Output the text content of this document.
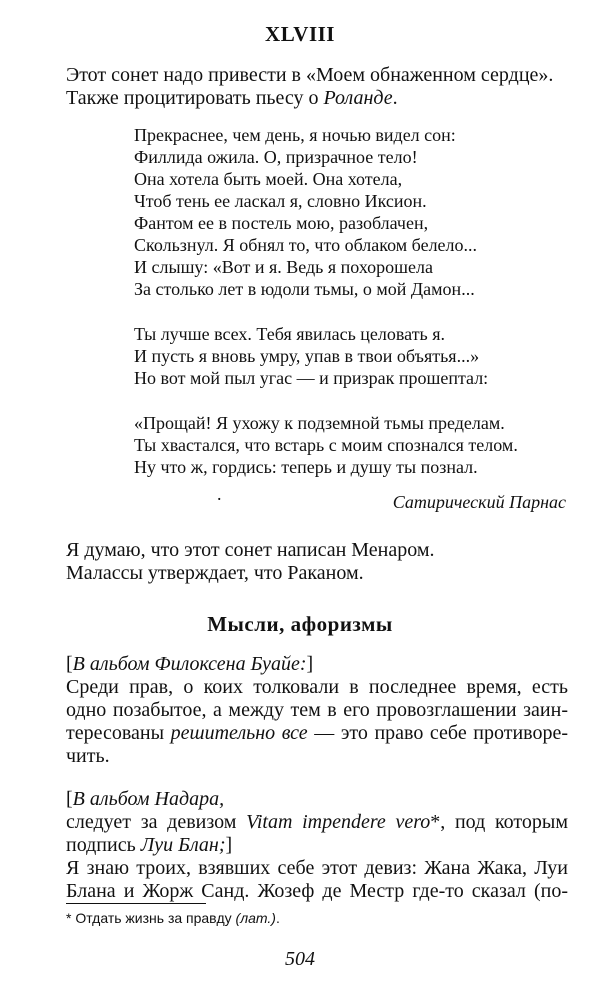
XLVIII

Этот сонет надо привести в «Моем обнаженном сердце».

Также процитировать пьесу о Роланде.

Прекраснее, чем день, я ночью видел сон:

Филлида ожила. О, призрачное тело!

Она хотела быть моей. Она хотела,

Чтоб тень ее ласкал я, словно Иксион.

Фантом ее в постель мою, разоблачен,

Скользнул. Я обнял то, что облаком белело...

И слышу: «Вот и я. Ведь я похорошела

За столько лет в юдоли тьмы, о мой Дамон...

Ты лучше всех. Тебя явилась целовать я.

И пусть я вновь умру, упав в твои объятья...»

Но вот мой пыл угас — и призрак прошептал:

«Прощай! Я ухожу к подземной тьмы пределам.

Ты хвастался, что встарь с моим спознался телом.

Ну что ж, гордись: теперь и душу ты познал.

.	Сатирический Парнас

Я думаю, что этот сонет написан Менаром.

Малассы утверждает, что Раканом.

Мысли, афоризмы

[В альбом Филоксена Буайе:]

Среди прав, о коих толковали в последнее время, есть

одно позабытое, а между тем в его провозглашении заин-

тересованы решительно все — это право себе противоре-

чить.

[В альбом Надара,

следует за девизом Vitam impendere vero*, под которым

подпись Луи Блан;]

Я знаю троих, взявших себе этот девиз: Жана Жака, Луи

Блана и Жорж Санд. Жозеф де Местр где-то сказал (по-

* Отдать жизнь за правду (лат.).
504
